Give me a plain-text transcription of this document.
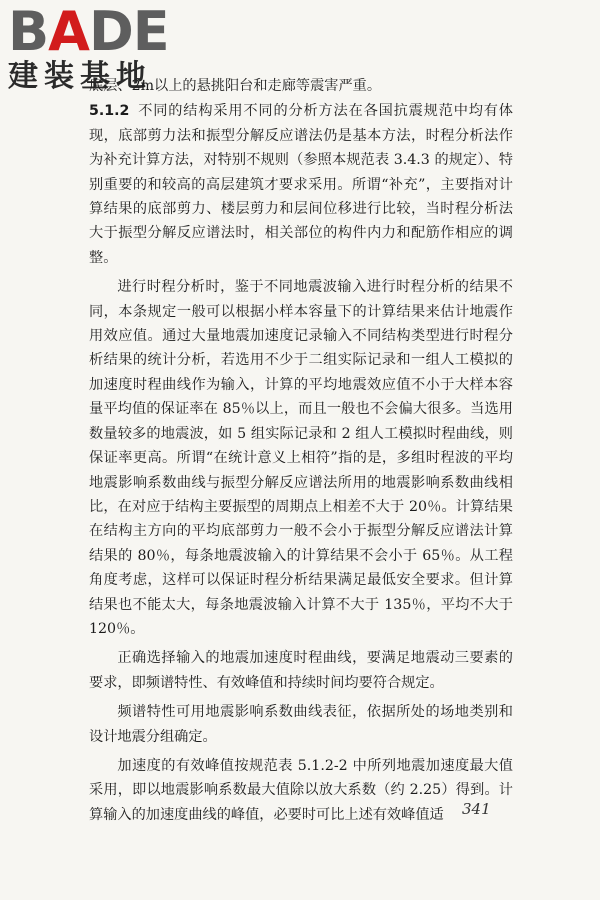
BADE
建装基地

底层、2m以上的悬挑阳台和走廊等震害严重。

5.1.2 不同的结构采用不同的分析方法在各国抗震规范中均有体现，底部剪力法和振型分解反应谱法仍是基本方法，时程分析法作为补充计算方法，对特别不规则（参照本规范表 3.4.3 的规定）、特别重要的和较高的高层建筑才要求采用。所谓“补充”，主要指对计算结果的底部剪力、楼层剪力和层间位移进行比较，当时程分析法大于振型分解反应谱法时，相关部位的构件内力和配筋作相应的调整。

进行时程分析时，鉴于不同地震波输入进行时程分析的结果不同，本条规定一般可以根据小样本容量下的计算结果来估计地震作用效应值。通过大量地震加速度记录输入不同结构类型进行时程分析结果的统计分析，若选用不少于二组实际记录和一组人工模拟的加速度时程曲线作为输入，计算的平均地震效应值不小于大样本容量平均值的保证率在 85％以上，而且一般也不会偏大很多。当选用数量较多的地震波，如 5 组实际记录和 2 组人工模拟时程曲线，则保证率更高。所谓“在统计意义上相符”指的是，多组时程波的平均地震影响系数曲线与振型分解反应谱法所用的地震影响系数曲线相比，在对应于结构主要振型的周期点上相差不大于 20％。计算结果在结构主方向的平均底部剪力一般不会小于振型分解反应谱法计算结果的 80％，每条地震波输入的计算结果不会小于 65％。从工程角度考虑，这样可以保证时程分析结果满足最低安全要求。但计算结果也不能太大，每条地震波输入计算不大于 135％，平均不大于 120％。

正确选择输入的地震加速度时程曲线，要满足地震动三要素的要求，即频谱特性、有效峰值和持续时间均要符合规定。

频谱特性可用地震影响系数曲线表征，依据所处的场地类别和设计地震分组确定。

加速度的有效峰值按规范表 5.1.2-2 中所列地震加速度最大值采用，即以地震影响系数最大值除以放大系数（约 2.25）得到。计算输入的加速度曲线的峰值，必要时可比上述有效峰值适	341
